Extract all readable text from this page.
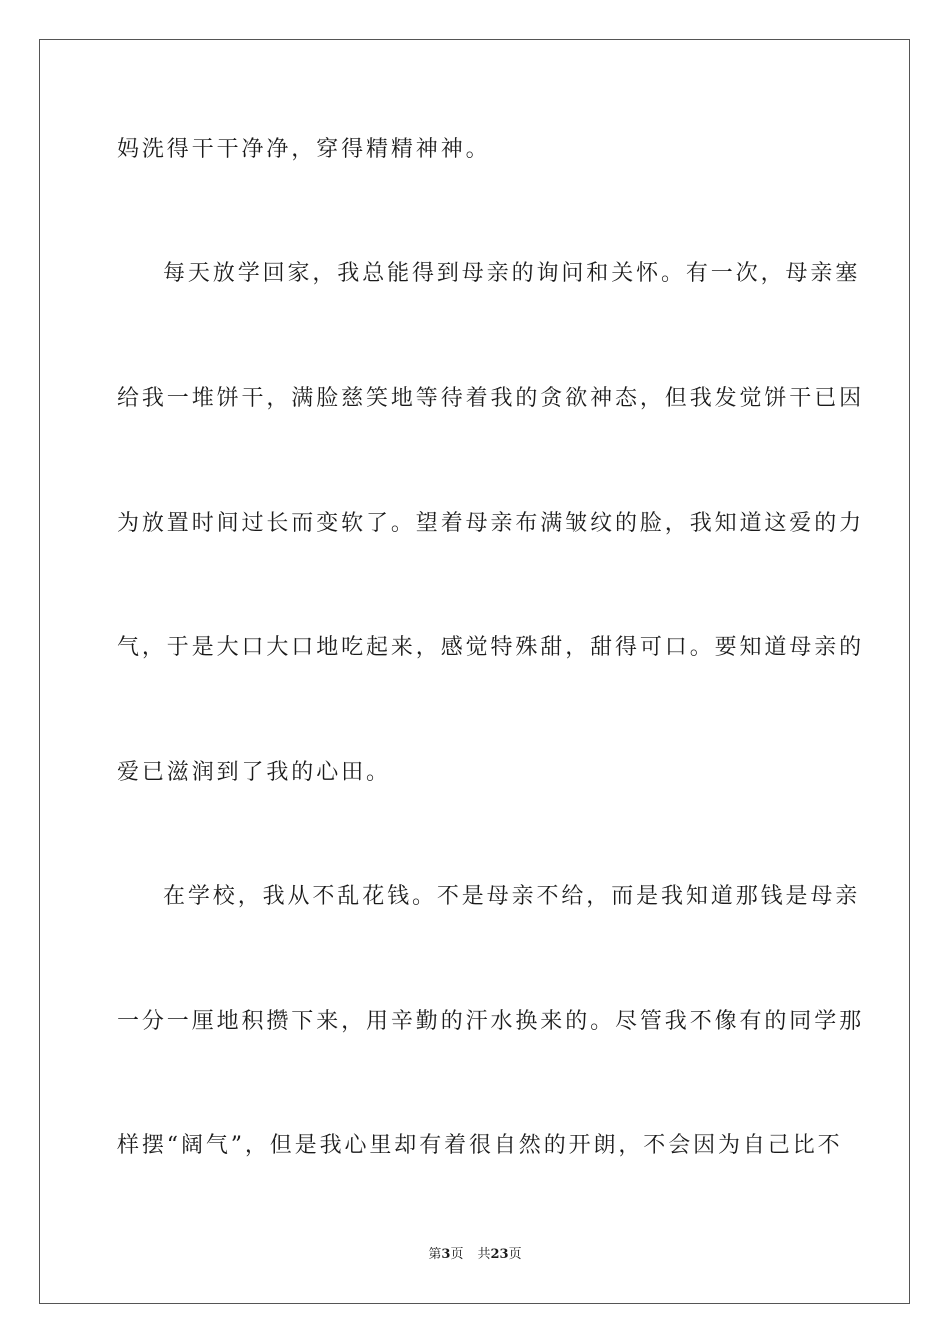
妈洗得干干净净，穿得精精神神。
每天放学回家，我总能得到母亲的询问和关怀。有一次，母亲塞
给我一堆饼干，满脸慈笑地等待着我的贪欲神态，但我发觉饼干已因
为放置时间过长而变软了。望着母亲布满皱纹的脸，我知道这爱的力
气，于是大口大口地吃起来，感觉特殊甜，甜得可口。要知道母亲的
爱已滋润到了我的心田。
在学校，我从不乱花钱。不是母亲不给，而是我知道那钱是母亲
一分一厘地积攒下来，用辛勤的汗水换来的。尽管我不像有的同学那
样摆“阔气”，但是我心里却有着很自然的开朗，不会因为自己比不
第3页 共23页
